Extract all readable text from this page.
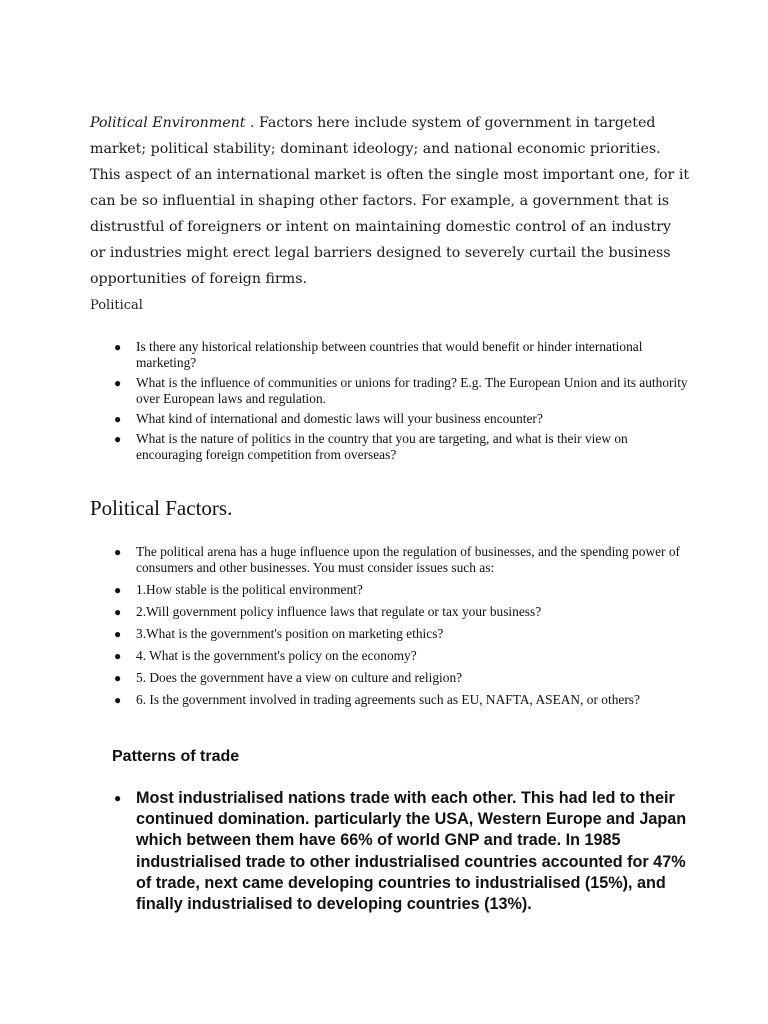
Political Environment . Factors here include system of government in targeted market; political stability; dominant ideology; and national economic priorities. This aspect of an international market is often the single most important one, for it can be so influential in shaping other factors. For example, a government that is distrustful of foreigners or intent on maintaining domestic control of an industry or industries might erect legal barriers designed to severely curtail the business opportunities of foreign firms.

Political
● Is there any historical relationship between countries that would benefit or hinder international marketing?
● What is the influence of communities or unions for trading? E.g. The European Union and its authority over European laws and regulation.
● What kind of international and domestic laws will your business encounter?
● What is the nature of politics in the country that you are targeting, and what is their view on encouraging foreign competition from overseas?
Political Factors.
● The political arena has a huge influence upon the regulation of businesses, and the spending power of consumers and other businesses. You must consider issues such as:
● 1.How stable is the political environment?
● 2.Will government policy influence laws that regulate or tax your business?
● 3.What is the government's position on marketing ethics?
● 4. What is the government's policy on the economy?
● 5. Does the government have a view on culture and religion?
● 6. Is the government involved in trading agreements such as EU, NAFTA, ASEAN, or others?
Patterns of trade
● Most industrialised nations trade with each other. This had led to their continued domination. particularly the USA, Western Europe and Japan which between them have 66% of world GNP and trade. In 1985 industrialised trade to other industrialised countries accounted for 47% of trade, next came developing countries to industrialised (15%), and finally industrialised to developing countries (13%).
